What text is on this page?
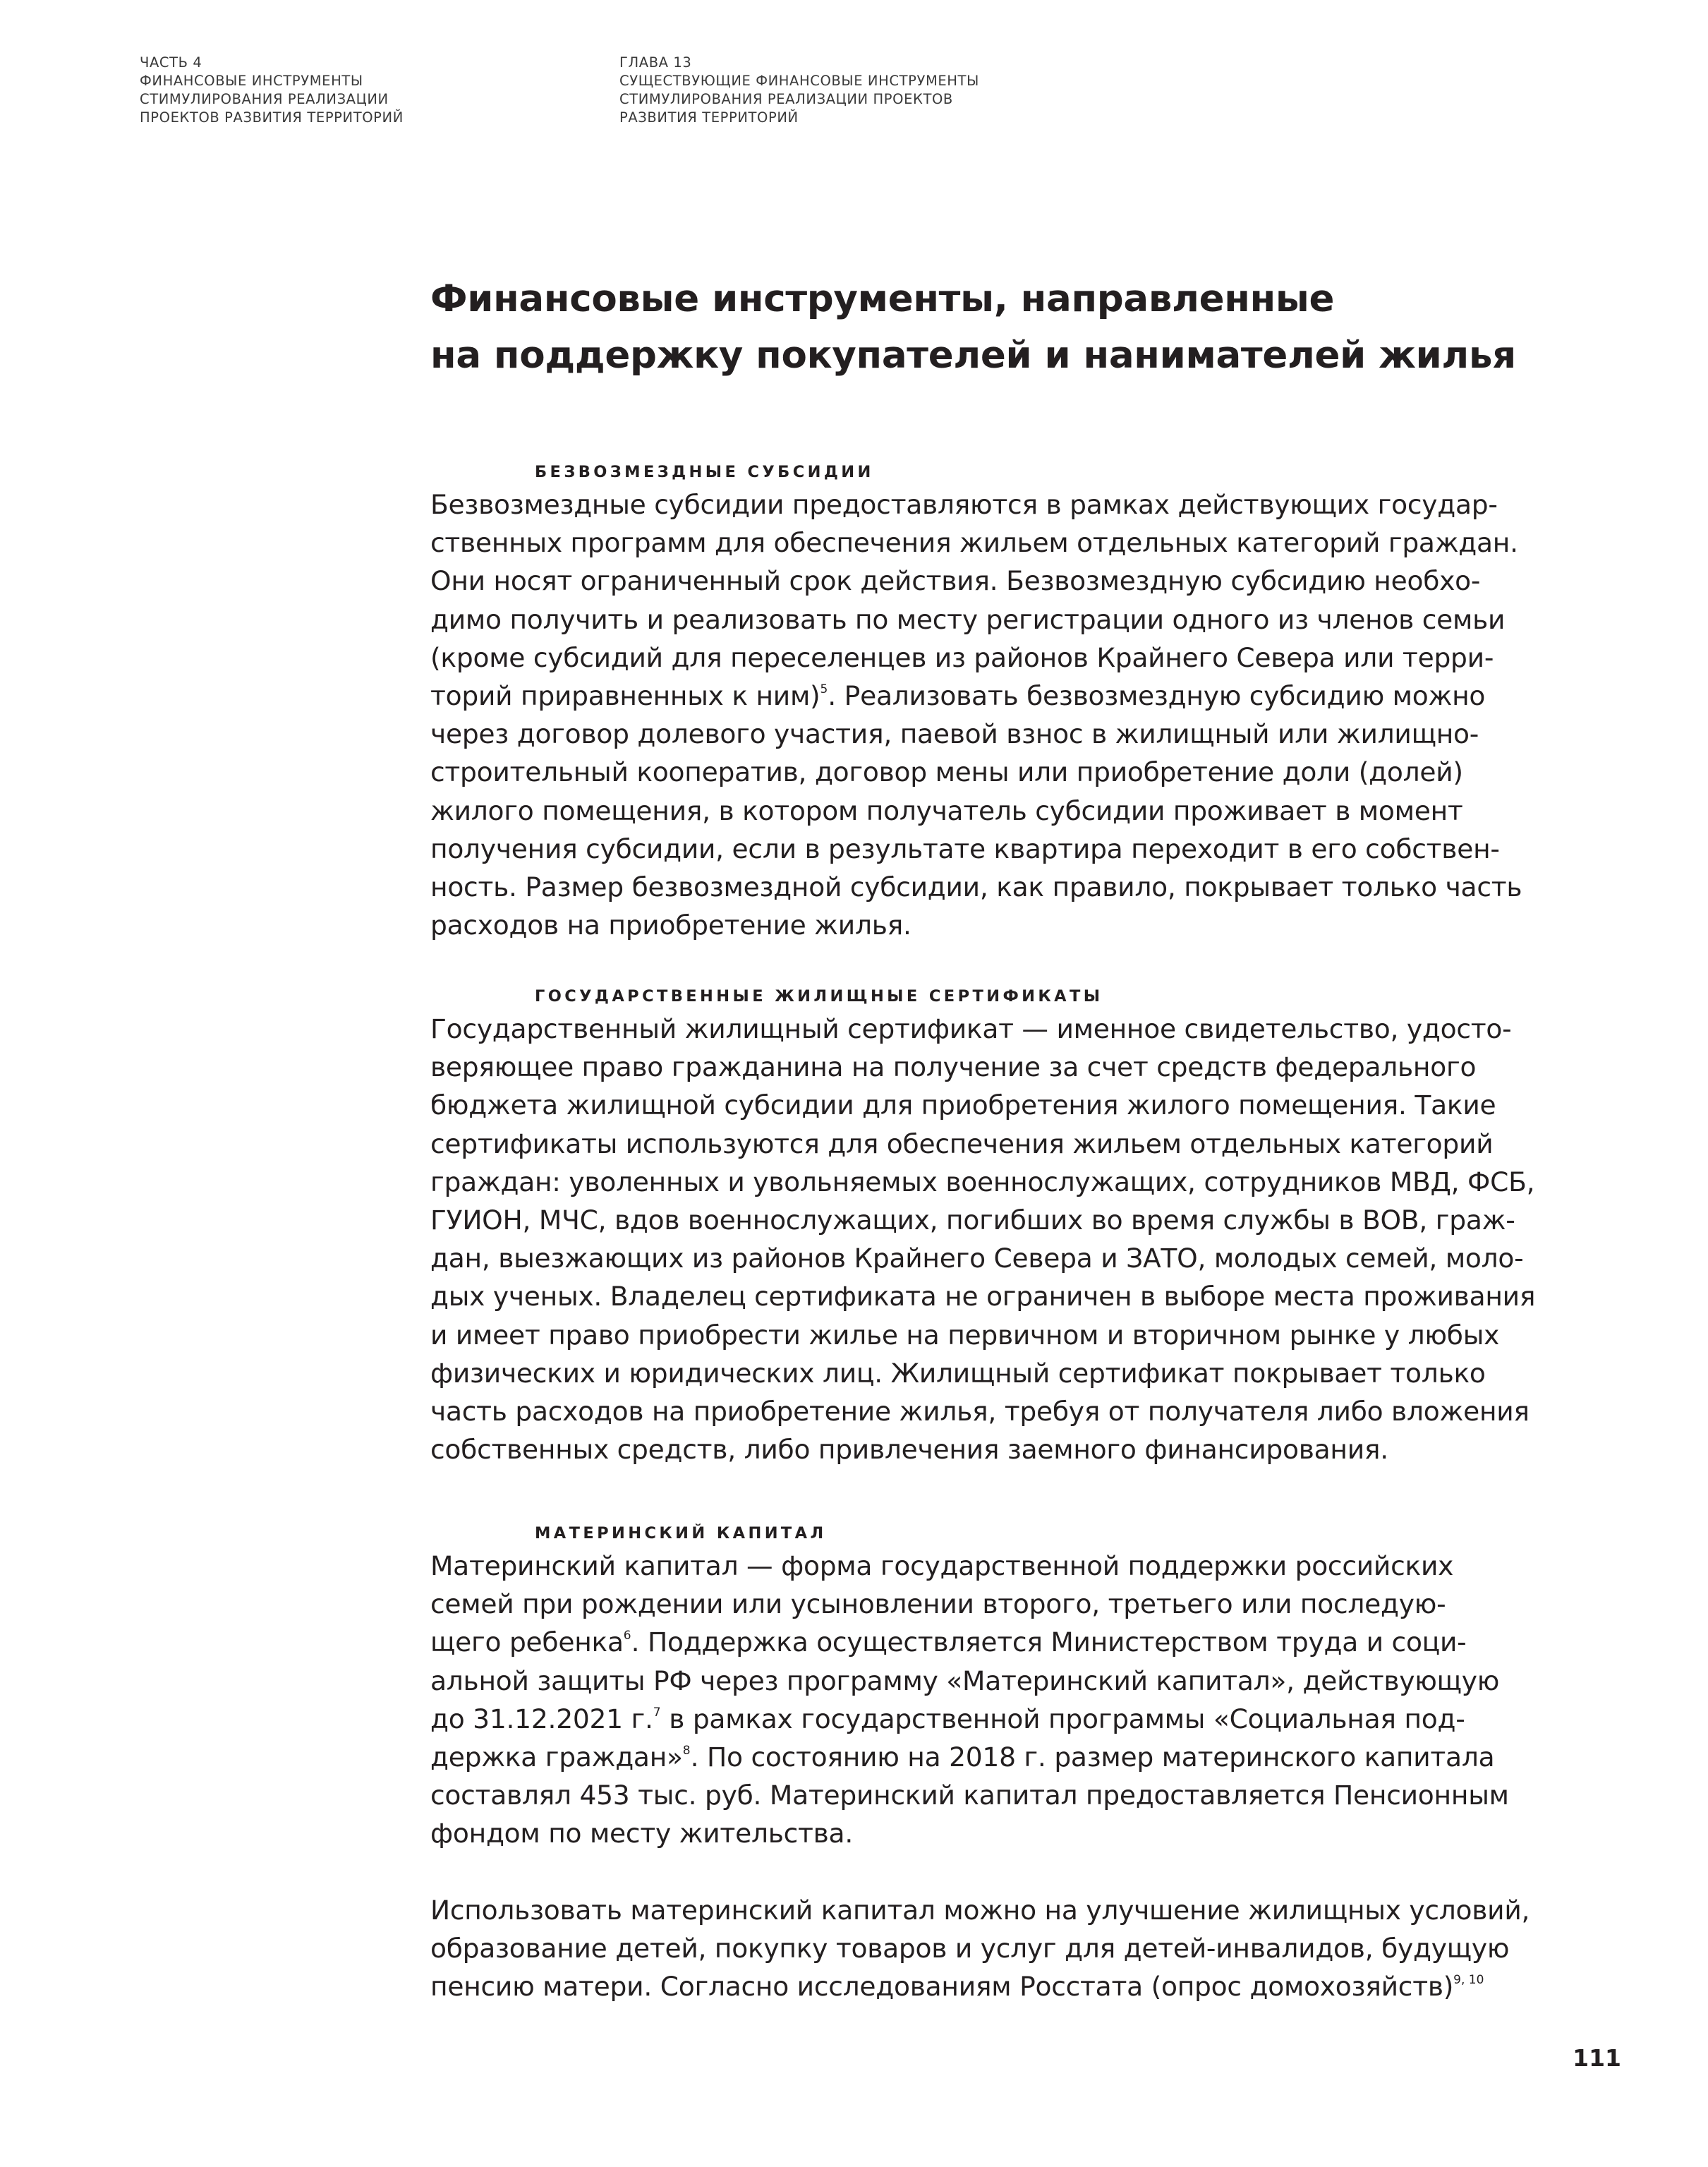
ЧАСТЬ 4
ФИНАНСОВЫЕ ИНСТРУМЕНТЫ
СТИМУЛИРОВАНИЯ РЕАЛИЗАЦИИ
ПРОЕКТОВ РАЗВИТИЯ ТЕРРИТОРИЙ
ГЛАВА 13
СУЩЕСТВУЮЩИЕ ФИНАНСОВЫЕ ИНСТРУМЕНТЫ
СТИМУЛИРОВАНИЯ РЕАЛИЗАЦИИ ПРОЕКТОВ
РАЗВИТИЯ ТЕРРИТОРИЙ
Финансовые инструменты, направленные
на поддержку покупателей и нанимателей жилья
БЕЗВОЗМЕЗДНЫЕ СУБСИДИИ
Безвозмездные субсидии предоставляются в рамках действующих государ-
ственных программ для обеспечения жильем отдельных категорий граждан.
Они носят ограниченный срок действия. Безвозмездную субсидию необхо-
димо получить и реализовать по месту регистрации одного из членов семьи
(кроме субсидий для переселенцев из районов Крайнего Севера или терри-
торий приравненных к ним)$^5$. Реализовать безвозмездную субсидию можно
через договор долевого участия, паевой взнос в жилищный или жилищно-
строительный кооператив, договор мены или приобретение доли (долей)
жилого помещения, в котором получатель субсидии проживает в момент
получения субсидии, если в результате квартира переходит в его собствен-
ность. Размер безвозмездной субсидии, как правило, покрывает только часть
расходов на приобретение жилья.
ГОСУДАРСТВЕННЫЕ ЖИЛИЩНЫЕ СЕРТИФИКАТЫ
Государственный жилищный сертификат — именное свидетельство, удосто-
веряющее право гражданина на получение за счет средств федерального
бюджета жилищной субсидии для приобретения жилого помещения. Такие
сертификаты используются для обеспечения жильем отдельных категорий
граждан: уволенных и увольняемых военнослужащих, сотрудников МВД, ФСБ,
ГУИОН, МЧС, вдов военнослужащих, погибших во время службы в ВОВ, граж-
дан, выезжающих из районов Крайнего Севера и ЗАТО, молодых семей, моло-
дых ученых. Владелец сертификата не ограничен в выборе места проживания
и имеет право приобрести жилье на первичном и вторичном рынке у любых
физических и юридических лиц. Жилищный сертификат покрывает только
часть расходов на приобретение жилья, требуя от получателя либо вложения
собственных средств, либо привлечения заемного финансирования.
МАТЕРИНСКИЙ КАПИТАЛ
Материнский капитал — форма государственной поддержки российских
семей при рождении или усыновлении второго, третьего или последую-
щего ребенка$^6$. Поддержка осуществляется Министерством труда и соци-
альной защиты РФ через программу «Материнский капитал», действующую
до 31.12.2021 г.$^7$ в рамках государственной программы «Социальная под-
держка граждан»$^8$. По состоянию на 2018 г. размер материнского капитала
составлял 453 тыс. руб. Материнский капитал предоставляется Пенсионным
фондом по месту жительства.
Использовать материнский капитал можно на улучшение жилищных условий,
образование детей, покупку товаров и услуг для детей-инвалидов, будущую
пенсию матери. Согласно исследованиям Росстата (опрос домохозяйств)$^{9, 10}$
111
